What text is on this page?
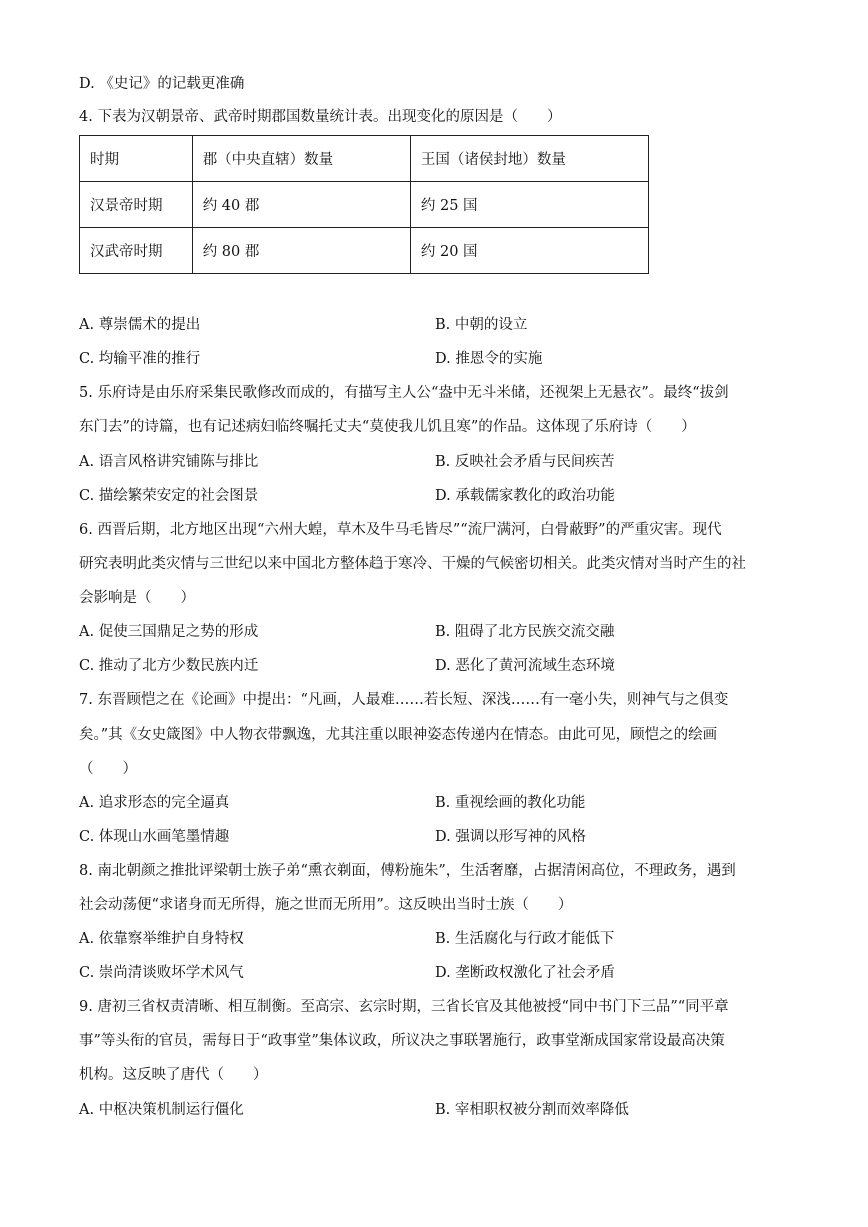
D. 《史记》的记载更准确
4. 下表为汉朝景帝、武帝时期郡国数量统计表。出现变化的原因是（　　）
时期	郡（中央直辖）数量	王国（诸侯封地）数量
汉景帝时期	约 40 郡	约 25 国
汉武帝时期	约 80 郡	约 20 国
A. 尊崇儒术的提出	B. 中朝的设立
C. 均输平准的推行	D. 推恩令的实施
5. 乐府诗是由乐府采集民歌修改而成的，有描写主人公“盎中无斗米储，还视架上无悬衣”。最终“拔剑
东门去”的诗篇，也有记述病妇临终嘱托丈夫“莫使我儿饥且寒”的作品。这体现了乐府诗（　　）
A. 语言风格讲究铺陈与排比	B. 反映社会矛盾与民间疾苦
C. 描绘繁荣安定的社会图景	D. 承载儒家教化的政治功能
6. 西晋后期，北方地区出现“六州大蝗，草木及牛马毛皆尽”“流尸满河，白骨蔽野”的严重灾害。现代
研究表明此类灾情与三世纪以来中国北方整体趋于寒冷、干燥的气候密切相关。此类灾情对当时产生的社
会影响是（　　）
A. 促使三国鼎足之势的形成	B. 阻碍了北方民族交流交融
C. 推动了北方少数民族内迁	D. 恶化了黄河流域生态环境
7. 东晋顾恺之在《论画》中提出：“凡画，人最难……若长短、深浅……有一毫小失，则神气与之俱变
矣。”其《女史箴图》中人物衣带飘逸，尤其注重以眼神姿态传递内在情态。由此可见，顾恺之的绘画
（　　）
A. 追求形态的完全逼真	B. 重视绘画的教化功能
C. 体现山水画笔墨情趣	D. 强调以形写神的风格
8. 南北朝颜之推批评梁朝士族子弟“熏衣剃面，傅粉施朱”，生活奢靡，占据清闲高位，不理政务，遇到
社会动荡便“求诸身而无所得，施之世而无所用”。这反映出当时士族（　　）
A. 依靠察举维护自身特权	B. 生活腐化与行政才能低下
C. 崇尚清谈败坏学术风气	D. 垄断政权激化了社会矛盾
9. 唐初三省权责清晰、相互制衡。至高宗、玄宗时期，三省长官及其他被授“同中书门下三品”“同平章
事”等头衔的官员，需每日于“政事堂”集体议政，所议决之事联署施行，政事堂渐成国家常设最高决策
机构。这反映了唐代（　　）
A. 中枢决策机制运行僵化	B. 宰相职权被分割而效率降低
